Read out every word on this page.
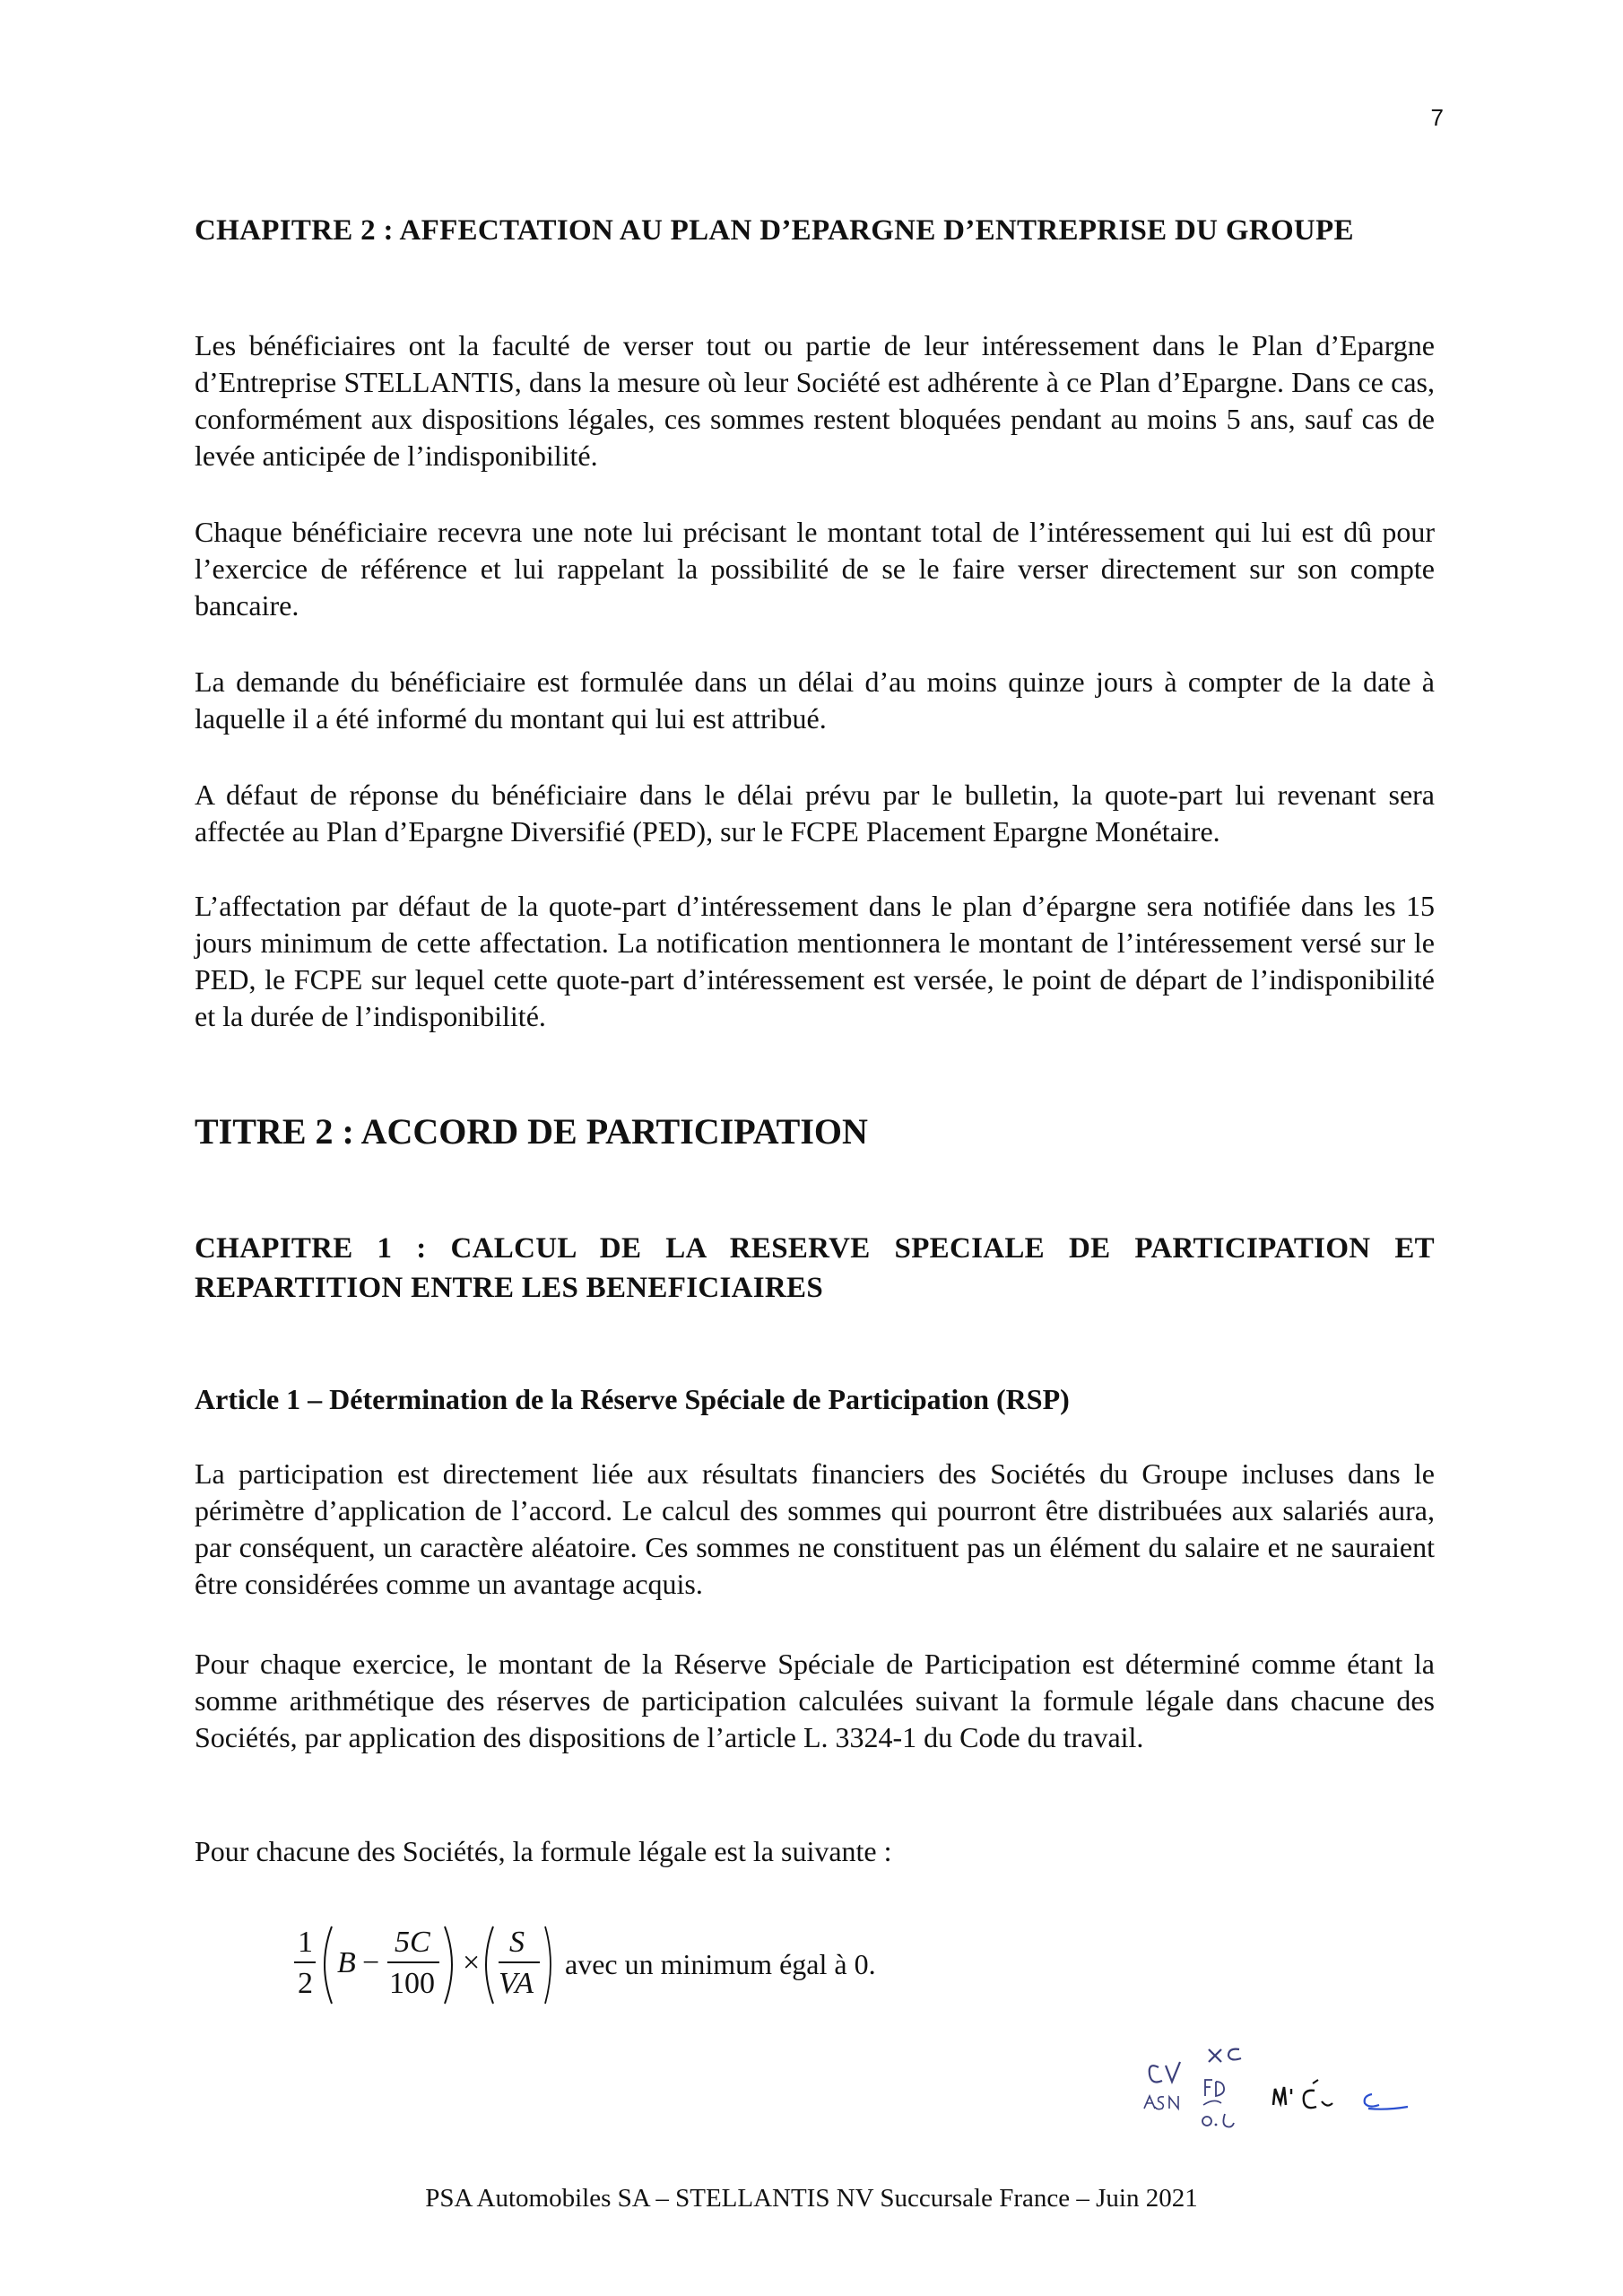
7
CHAPITRE 2 : AFFECTATION AU PLAN D’EPARGNE D’ENTREPRISE DU GROUPE

Les bénéficiaires ont la faculté de verser tout ou partie de leur intéressement dans le Plan d’Epargne d’Entreprise STELLANTIS, dans la mesure où leur Société est adhérente à ce Plan d’Epargne. Dans ce cas, conformément aux dispositions légales, ces sommes restent bloquées pendant au moins 5 ans, sauf cas de levée anticipée de l’indisponibilité.

Chaque bénéficiaire recevra une note lui précisant le montant total de l’intéressement qui lui est dû pour l’exercice de référence et lui rappelant la possibilité de se le faire verser directement sur son compte bancaire.

La demande du bénéficiaire est formulée dans un délai d’au moins quinze jours à compter de la date à laquelle il a été informé du montant qui lui est attribué.

A défaut de réponse du bénéficiaire dans le délai prévu par le bulletin, la quote-part lui revenant sera affectée au Plan d’Epargne Diversifié (PED), sur le FCPE Placement Epargne Monétaire.

L’affectation par défaut de la quote-part d’intéressement dans le plan d’épargne sera notifiée dans les 15 jours minimum de cette affectation. La notification mentionnera le montant de l’intéressement versé sur le PED, le FCPE sur lequel cette quote-part d’intéressement est versée, le point de départ de l’indisponibilité et la durée de l’indisponibilité.

TITRE 2 : ACCORD DE PARTICIPATION
CHAPITRE 1 : CALCUL DE LA RESERVE SPECIALE DE PARTICIPATION ET REPARTITION ENTRE LES BENEFICIAIRES
Article 1 – Détermination de la Réserve Spéciale de Participation (RSP)

La participation est directement liée aux résultats financiers des Sociétés du Groupe incluses dans le périmètre d’application de l’accord. Le calcul des sommes qui pourront être distribuées aux salariés aura, par conséquent, un caractère aléatoire. Ces sommes ne constituent pas un élément du salaire et ne sauraient être considérées comme un avantage acquis.

Pour chaque exercice, le montant de la Réserve Spéciale de Participation est déterminé comme étant la somme arithmétique des réserves de participation calculées suivant la formule légale dans chacune des Sociétés, par application des dispositions de l’article L. 3324-1 du Code du travail.

Pour chacune des Sociétés, la formule légale est la suivante :

1
2
B −
5C
100
×
S
VA
avec un minimum égal à 0.
PSA Automobiles SA – STELLANTIS NV Succursale France – Juin 2021
